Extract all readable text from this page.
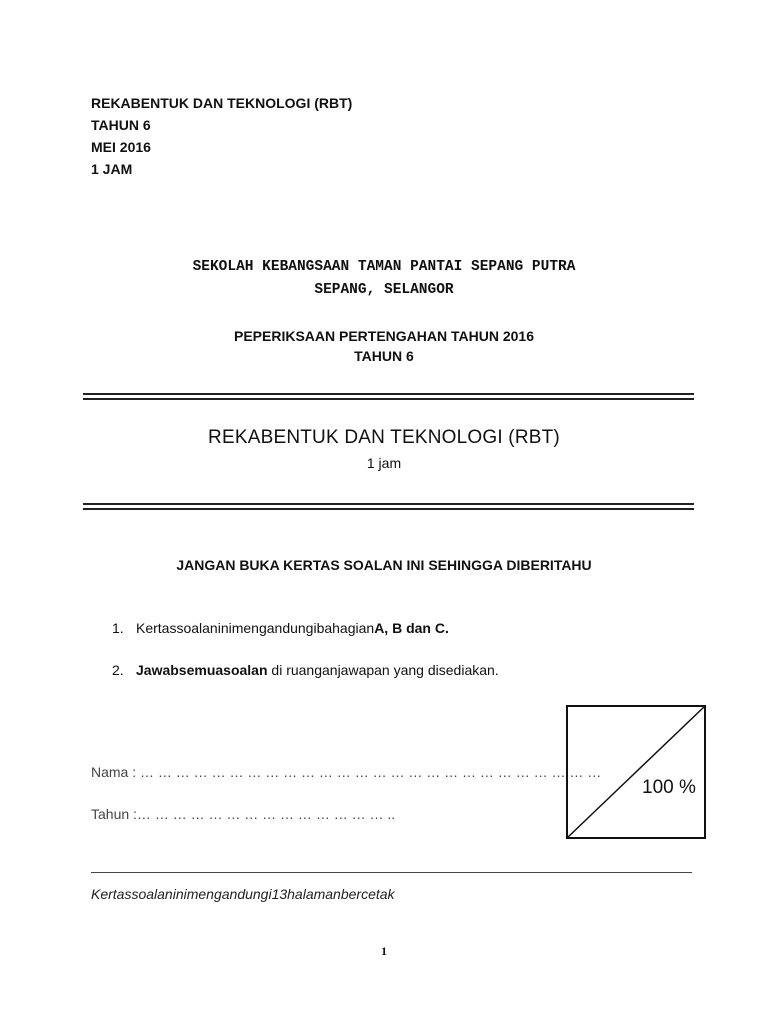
REKABENTUK DAN TEKNOLOGI (RBT)
TAHUN 6
MEI 2016
1 JAM
SEKOLAH KEBANGSAAN TAMAN PANTAI SEPANG PUTRA
SEPANG, SELANGOR
PEPERIKSAAN PERTENGAHAN TAHUN 2016
TAHUN 6
REKABENTUK DAN TEKNOLOGI (RBT)
1 jam
JANGAN BUKA KERTAS SOALAN INI SEHINGGA DIBERITAHU
1. KertassoalaninimengandungibahagianA, B dan C.
2. Jawabsemuasoalan di ruanganjawapan yang disediakan.
100 %
Nama : … … … … … … … … … … … … … … … … … … … … … … … … … …
Tahun :… … … … … … … … … … … … … … ..
Kertassoalaninimengandungi13halamanbercetak
1
